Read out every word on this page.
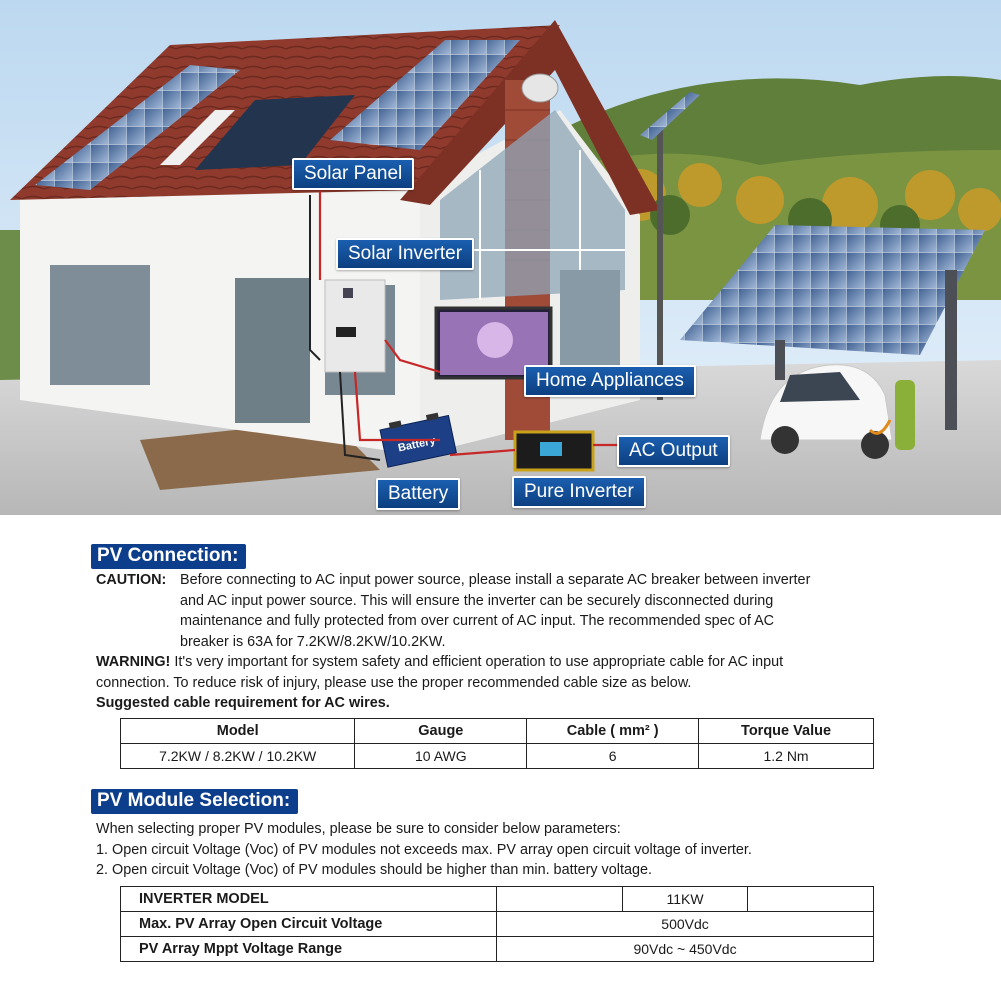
Battery
Solar Panel
Solar Inverter
Home Appliances
AC Output
Battery	Pure Inverter
PV Connection:
CAUTION: Before connecting to AC input power source, please install a separate AC breaker between inverter
and AC input power source. This will ensure the inverter can be securely disconnected during
maintenance and fully protected from over current of AC input. The recommended spec of AC
breaker is 63A for 7.2KW/8.2KW/10.2KW.
WARNING! It's very important for system safety and efficient operation to use appropriate cable for AC input
connection. To reduce risk of injury, please use the proper recommended cable size as below.
Suggested cable requirement for AC wires.
Model	Gauge	Cable ( mm² )	Torque Value
7.2KW / 8.2KW / 10.2KW	10 AWG	6	1.2 Nm
PV Module Selection:
When selecting proper PV modules, please be sure to consider below parameters:
1. Open circuit Voltage (Voc) of PV modules not exceeds max. PV array open circuit voltage of inverter.
2. Open circuit Voltage (Voc) of PV modules should be higher than min. battery voltage.
INVERTER MODEL		11KW	
Max. PV Array Open Circuit Voltage	500Vdc		
PV Array Mppt Voltage Range	90Vdc ~ 450Vdc		
